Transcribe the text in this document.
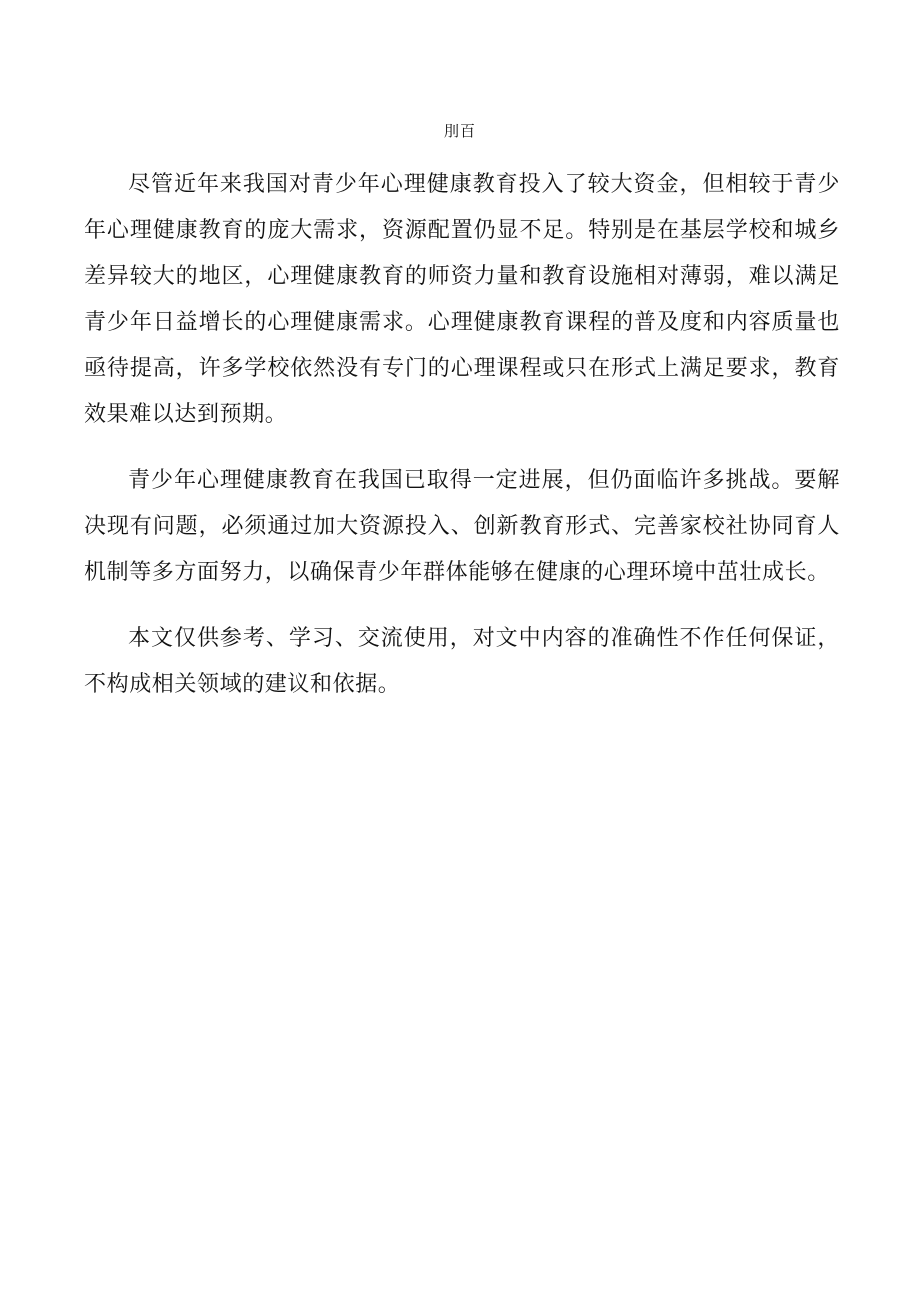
刖百

尽管近年来我国对青少年心理健康教育投入了较大资金，但相较于青少年心理健康教育的庞大需求，资源配置仍显不足。特别是在基层学校和城乡差异较大的地区，心理健康教育的师资力量和教育设施相对薄弱，难以满足青少年日益增长的心理健康需求。心理健康教育课程的普及度和内容质量也亟待提高，许多学校依然没有专门的心理课程或只在形式上满足要求，教育效果难以达到预期。

青少年心理健康教育在我国已取得一定进展，但仍面临许多挑战。要解决现有问题，必须通过加大资源投入、创新教育形式、完善家校社协同育人机制等多方面努力，以确保青少年群体能够在健康的心理环境中茁壮成长。

本文仅供参考、学习、交流使用，对文中内容的准确性不作任何保证，不构成相关领域的建议和依据。
